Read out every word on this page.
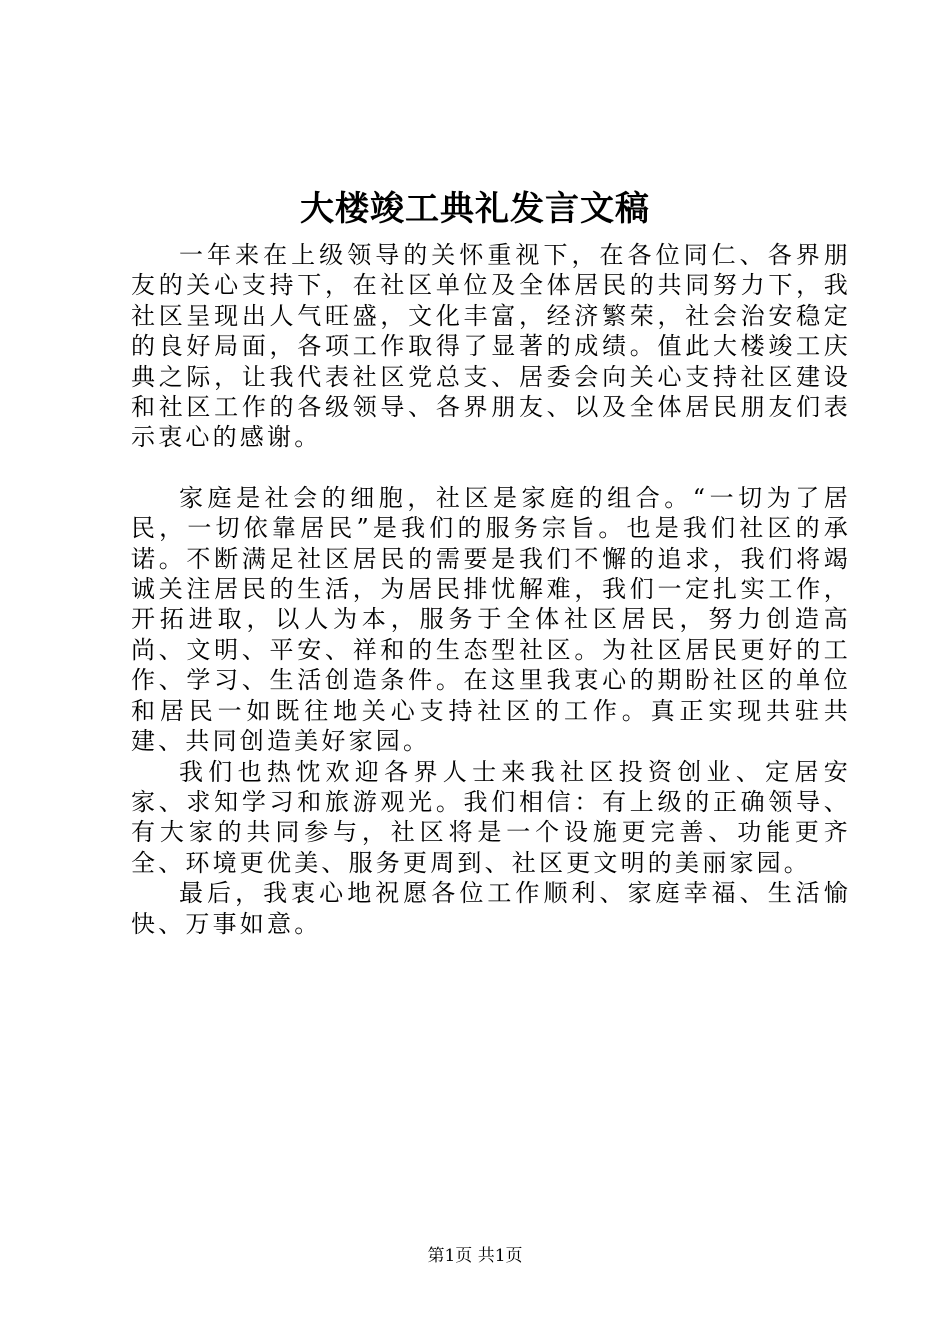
大楼竣工典礼发言文稿

一年来在上级领导的关怀重视下，在各位同仁、各界朋友的关心支持下，在社区单位及全体居民的共同努力下，我社区呈现出人气旺盛，文化丰富，经济繁荣，社会治安稳定的良好局面，各项工作取得了显著的成绩。值此大楼竣工庆典之际，让我代表社区党总支、居委会向关心支持社区建设和社区工作的各级领导、各界朋友、以及全体居民朋友们表示衷心的感谢。

家庭是社会的细胞，社区是家庭的组合。“一切为了居民，一切依靠居民”是我们的服务宗旨。也是我们社区的承诺。不断满足社区居民的需要是我们不懈的追求，我们将竭诚关注居民的生活，为居民排忧解难，我们一定扎实工作，开拓进取，以人为本，服务于全体社区居民，努力创造高尚、文明、平安、祥和的生态型社区。为社区居民更好的工作、学习、生活创造条件。在这里我衷心的期盼社区的单位和居民一如既往地关心支持社区的工作。真正实现共驻共建、共同创造美好家园。

我们也热忱欢迎各界人士来我社区投资创业、定居安家、求知学习和旅游观光。我们相信：有上级的正确领导、有大家的共同参与，社区将是一个设施更完善、功能更齐全、环境更优美、服务更周到、社区更文明的美丽家园。

最后，我衷心地祝愿各位工作顺利、家庭幸福、生活愉快、万事如意。

第1页 共1页
